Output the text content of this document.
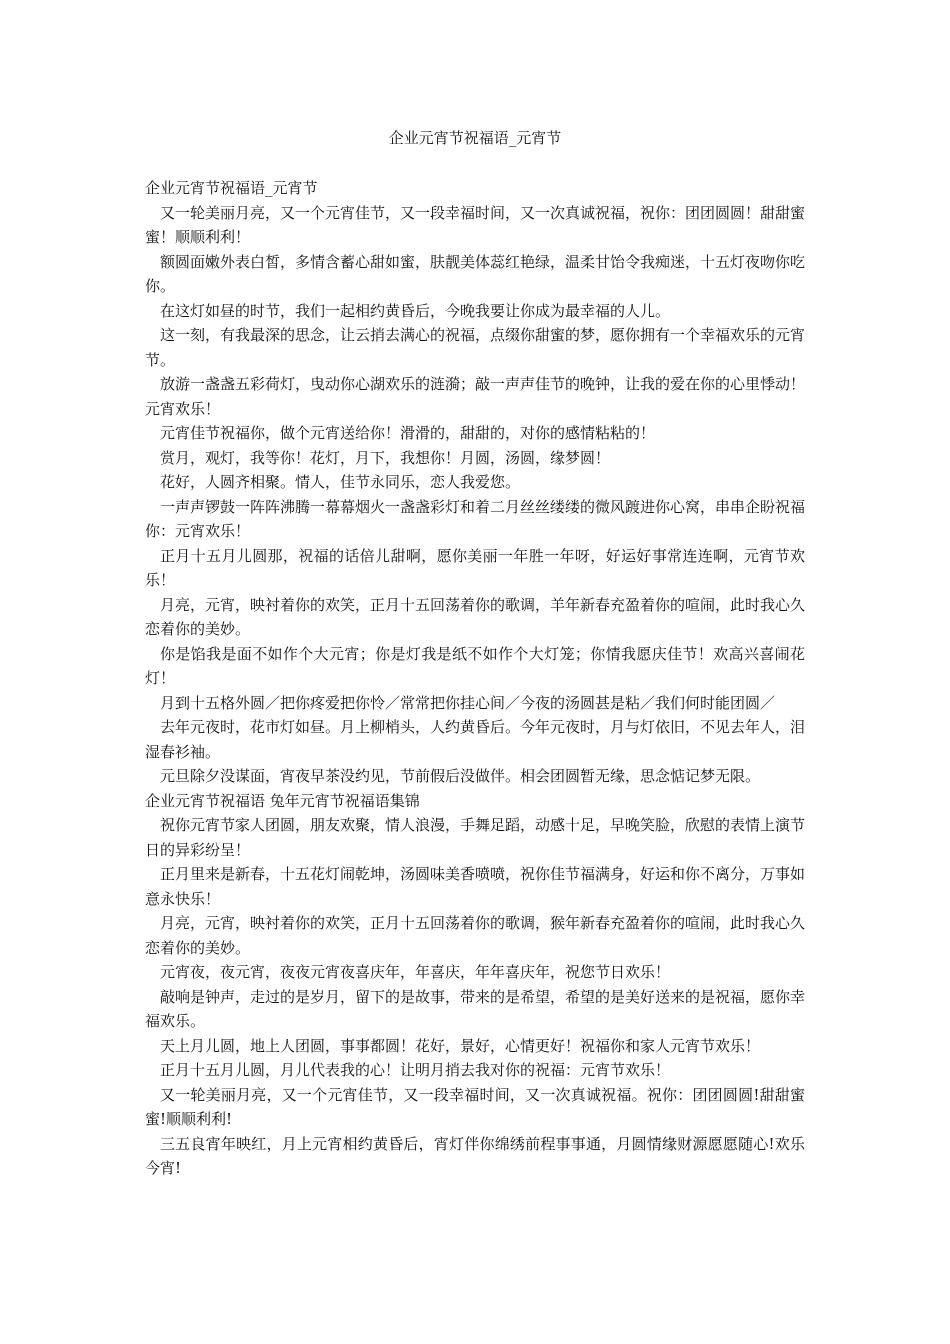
企业元宵节祝福语_元宵节

企业元宵节祝福语_元宵节

又一轮美丽月亮，又一个元宵佳节，又一段幸福时间，又一次真诚祝福，祝你：团团圆圆！甜甜蜜蜜！顺顺利利！

额圆面嫩外表白皙，多情含蓄心甜如蜜，肤靓美体蕊红艳绿，温柔甘饴令我痴迷，十五灯夜吻你吃你。

在这灯如昼的时节，我们一起相约黄昏后，今晚我要让你成为最幸福的人儿。

这一刻，有我最深的思念，让云捎去满心的祝福，点缀你甜蜜的梦，愿你拥有一个幸福欢乐的元宵节。

放游一盏盏五彩荷灯，曳动你心湖欢乐的涟漪；敲一声声佳节的晚钟，让我的爱在你的心里悸动！元宵欢乐！

元宵佳节祝福你，做个元宵送给你！滑滑的，甜甜的，对你的感情粘粘的！

赏月，观灯，我等你！花灯，月下，我想你！月圆，汤圆，缘梦圆！

花好，人圆齐相聚。情人，佳节永同乐，恋人我爱您。

一声声锣鼓一阵阵沸腾一幕幕烟火一盏盏彩灯和着二月丝丝缕缕的微风踱进你心窝，串串企盼祝福你：元宵欢乐！

正月十五月儿圆那，祝福的话倍儿甜啊，愿你美丽一年胜一年呀，好运好事常连连啊，元宵节欢乐！

月亮，元宵，映衬着你的欢笑，正月十五回荡着你的歌调，羊年新春充盈着你的喧闹，此时我心久恋着你的美妙。

你是馅我是面不如作个大元宵；你是灯我是纸不如作个大灯笼；你情我愿庆佳节！欢高兴喜闹花灯！

月到十五格外圆／把你疼爱把你怜／常常把你挂心间／今夜的汤圆甚是粘／我们何时能团圆／

去年元夜时，花市灯如昼。月上柳梢头，人约黄昏后。今年元夜时，月与灯依旧，不见去年人，泪湿春衫袖。

元旦除夕没谋面，宵夜早茶没约见，节前假后没做伴。相会团圆暂无缘，思念惦记梦无限。

企业元宵节祝福语 兔年元宵节祝福语集锦

祝你元宵节家人团圆，朋友欢聚，情人浪漫，手舞足蹈，动感十足，早晚笑脸，欣慰的表情上演节日的异彩纷呈！

正月里来是新春，十五花灯闹乾坤，汤圆味美香喷喷，祝你佳节福满身，好运和你不离分，万事如意永快乐！

月亮，元宵，映衬着你的欢笑，正月十五回荡着你的歌调，猴年新春充盈着你的喧闹，此时我心久恋着你的美妙。

元宵夜，夜元宵，夜夜元宵夜喜庆年，年喜庆，年年喜庆年，祝您节日欢乐！

敲响是钟声，走过的是岁月，留下的是故事，带来的是希望，希望的是美好送来的是祝福，愿你幸福欢乐。

天上月儿圆，地上人团圆，事事都圆！花好，景好，心情更好！祝福你和家人元宵节欢乐！

正月十五月儿圆，月儿代表我的心！让明月捎去我对你的祝福：元宵节欢乐！

又一轮美丽月亮，又一个元宵佳节，又一段幸福时间，又一次真诚祝福。祝你：团团圆圆!甜甜蜜蜜!顺顺利利!

三五良宵年映红，月上元宵相约黄昏后，宵灯伴你绵绣前程事事通，月圆情缘财源愿愿随心!欢乐今宵!
